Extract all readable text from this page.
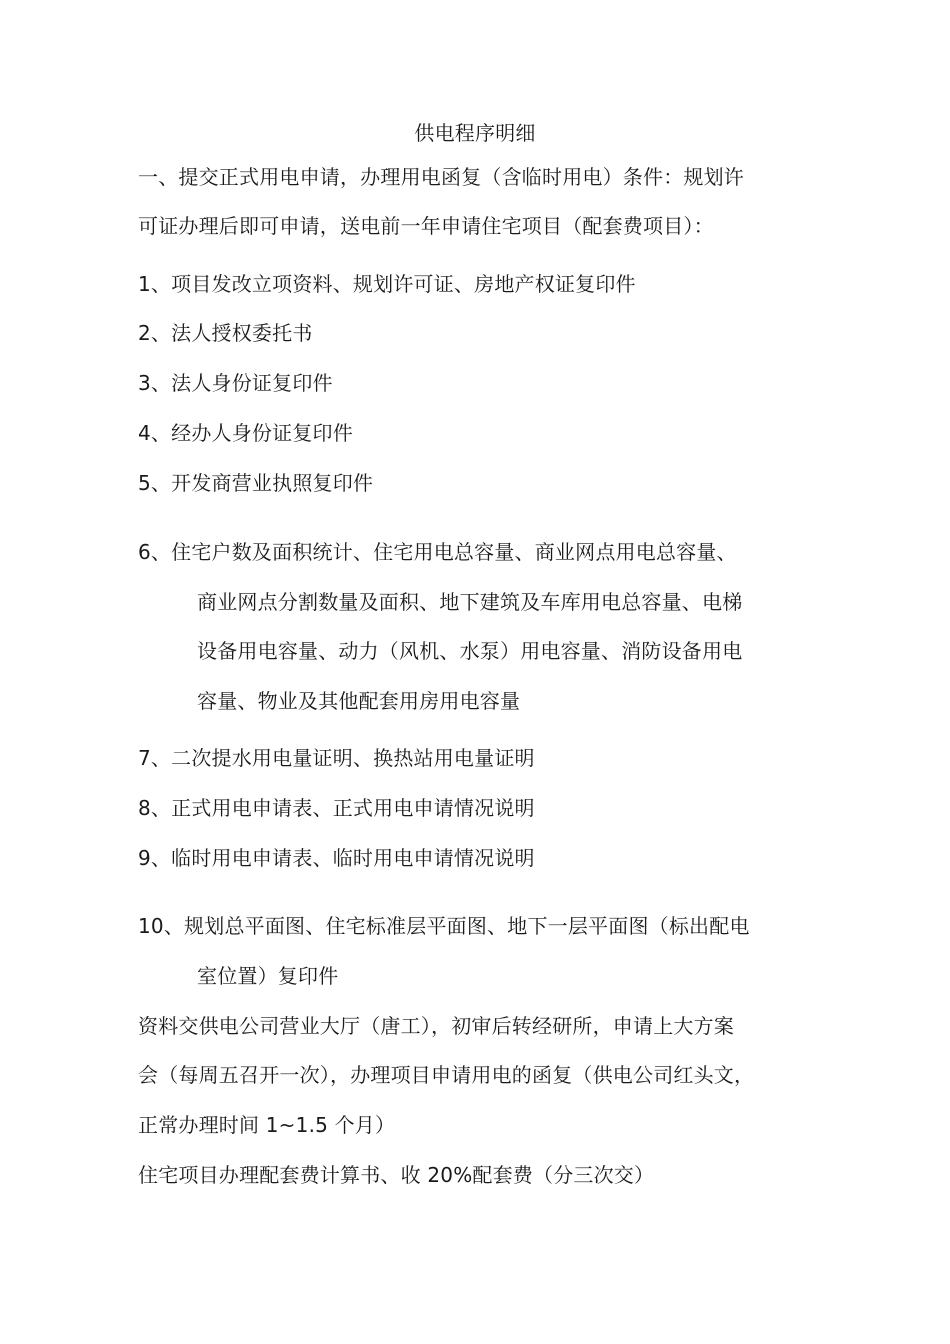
供电程序明细
一、提交正式用电申请，办理用电函复（含临时用电）条件：规划许
可证办理后即可申请，送电前一年申请住宅项目（配套费项目）：
1、项目发改立项资料、规划许可证、房地产权证复印件
2、法人授权委托书
3、法人身份证复印件
4、经办人身份证复印件
5、开发商营业执照复印件
6、住宅户数及面积统计、住宅用电总容量、商业网点用电总容量、
商业网点分割数量及面积、地下建筑及车库用电总容量、电梯
设备用电容量、动力（风机、水泵）用电容量、消防设备用电
容量、物业及其他配套用房用电容量
7、二次提水用电量证明、换热站用电量证明
8、正式用电申请表、正式用电申请情况说明
9、临时用电申请表、临时用电申请情况说明
10、规划总平面图、住宅标准层平面图、地下一层平面图（标出配电
室位置）复印件
资料交供电公司营业大厅（唐工），初审后转经研所，申请上大方案
会（每周五召开一次），办理项目申请用电的函复（供电公司红头文，
正常办理时间 1~1.5 个月）
住宅项目办理配套费计算书、收 20%配套费（分三次交）
